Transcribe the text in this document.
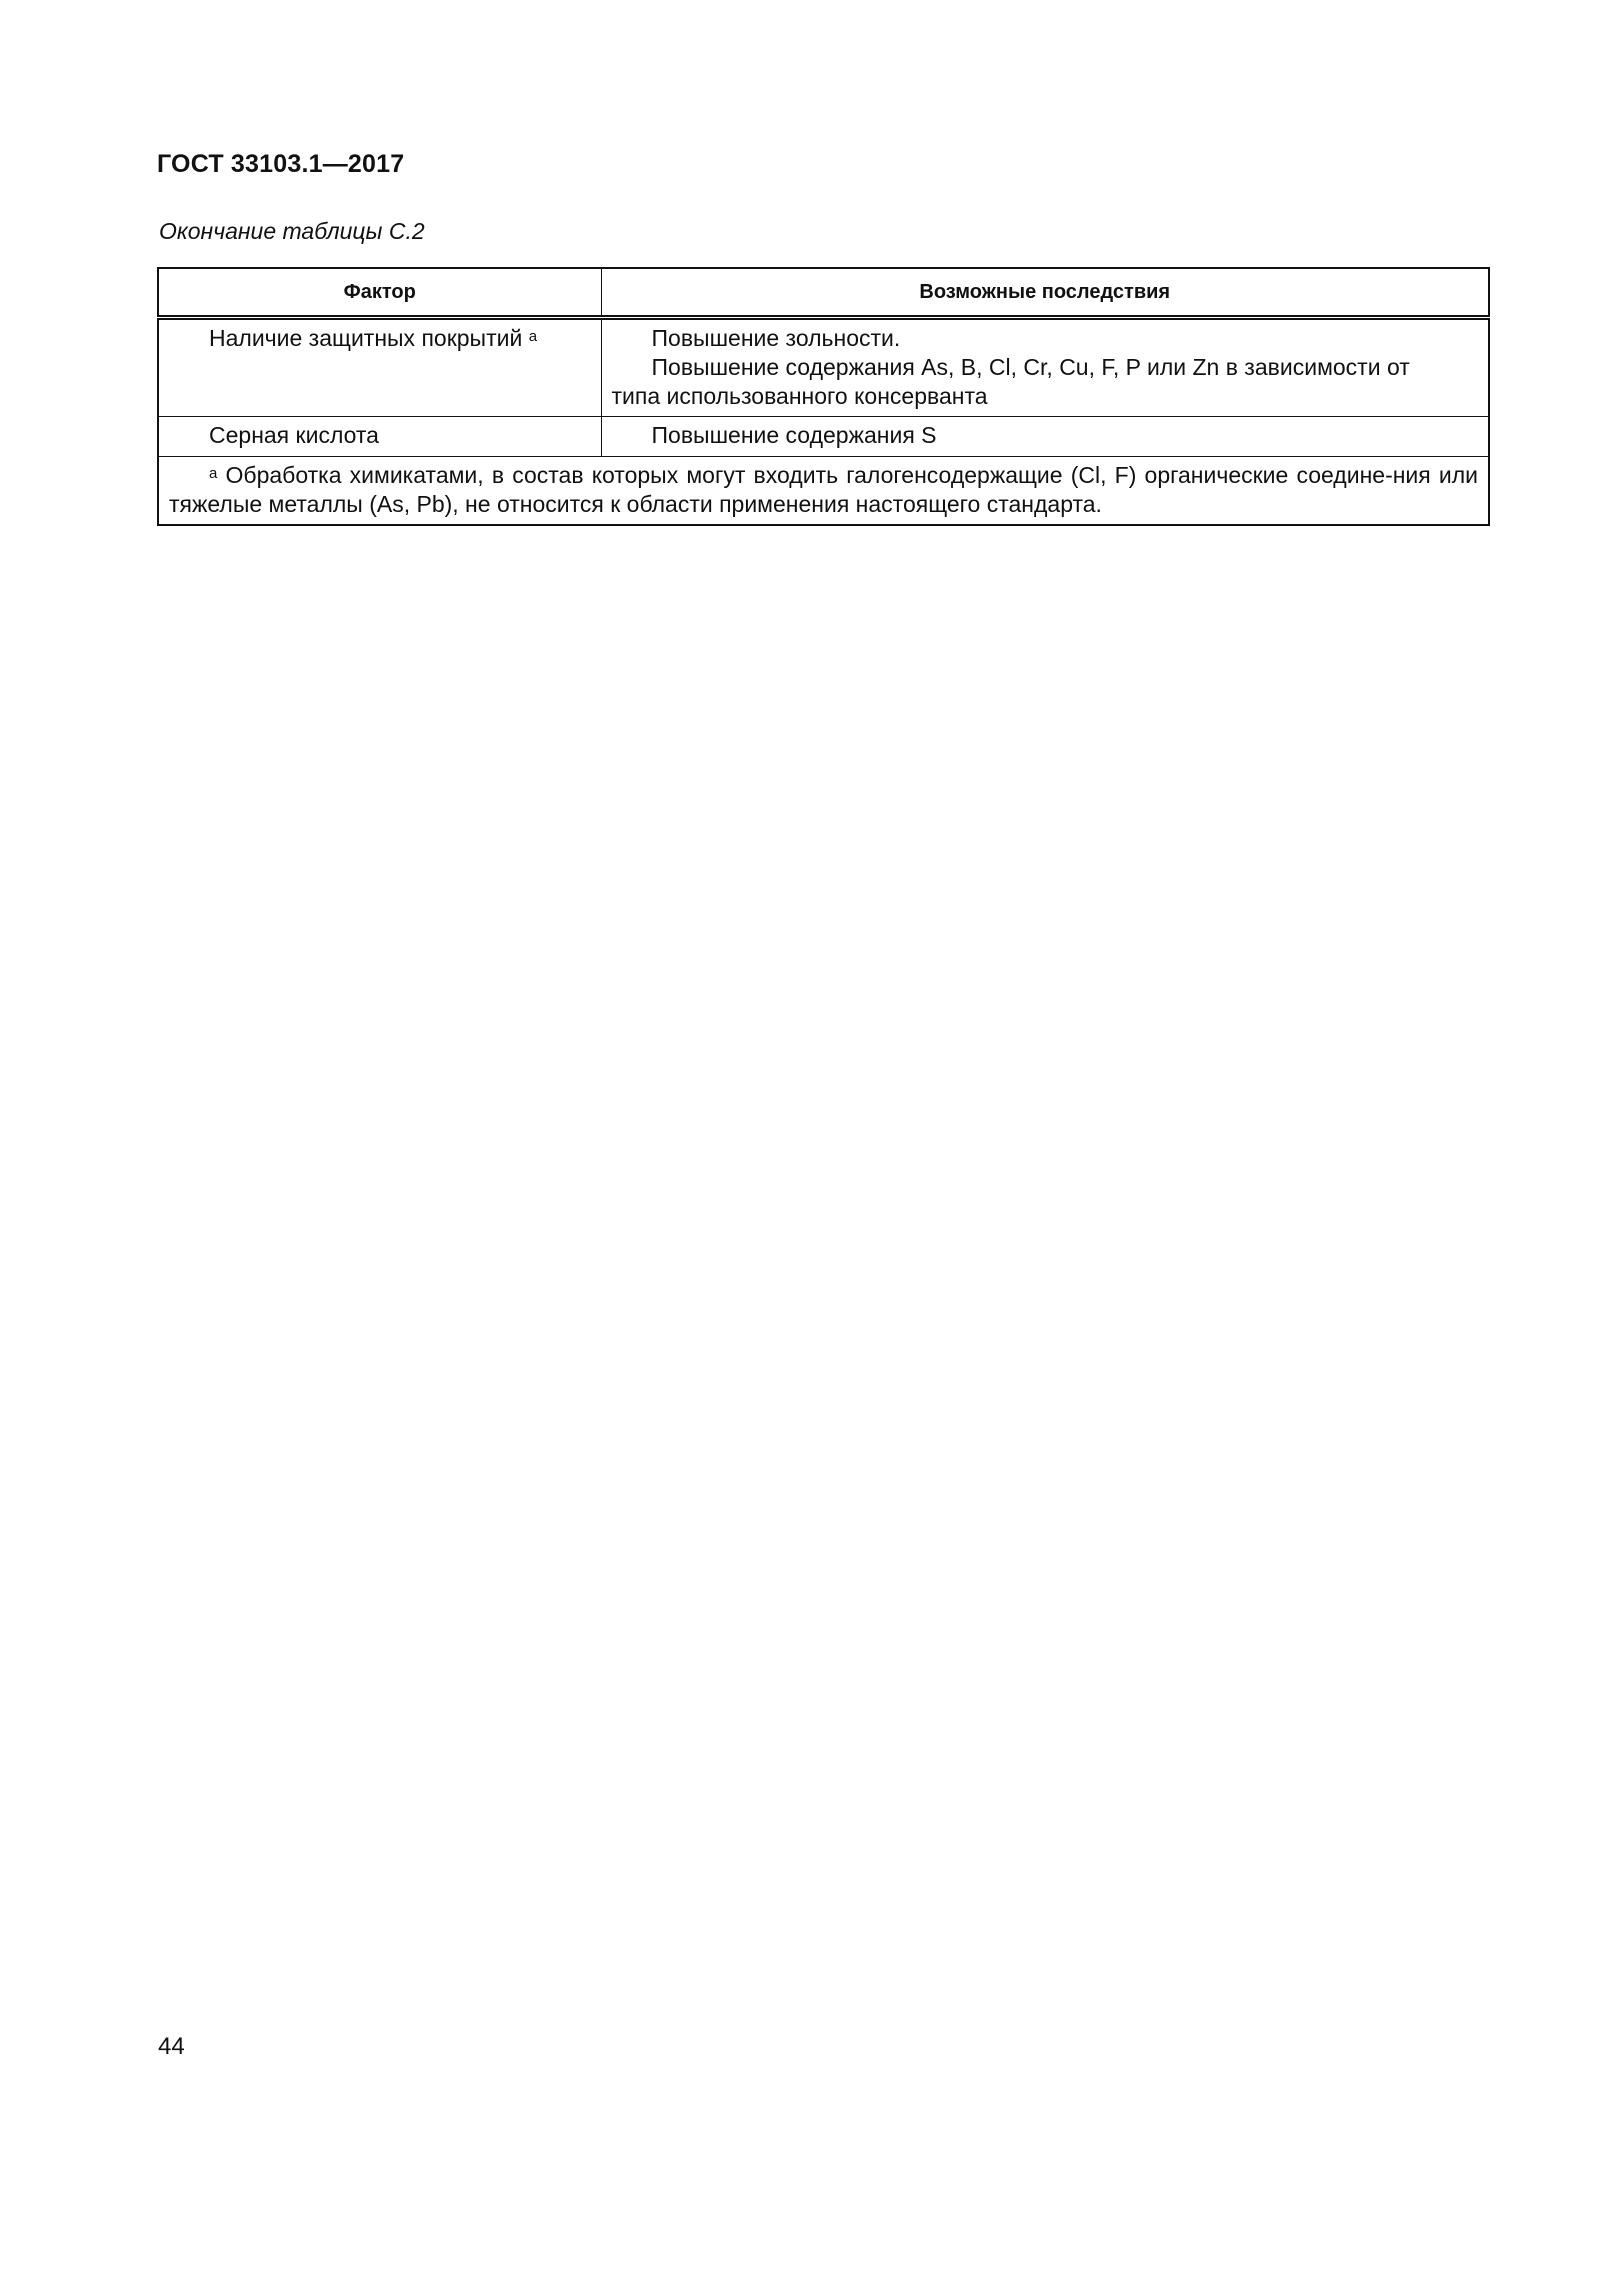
ГОСТ 33103.1—2017
Окончание таблицы С.2
Фактор	Возможные последствия

Наличие защитных покрытий $^a$	Повышение зольности.
Повышение содержания As, B, Cl, Cr, Cu, F, P или Zn в зависимости от
типа использованного консерванта

Серная кислота	Повышение содержания S

$^a$ Обработка химикатами, в состав которых могут входить галогенсодержащие (Cl, F) органические соедине-ния или тяжелые металлы (As, Pb), не относится к области применения настоящего стандарта.	
44
